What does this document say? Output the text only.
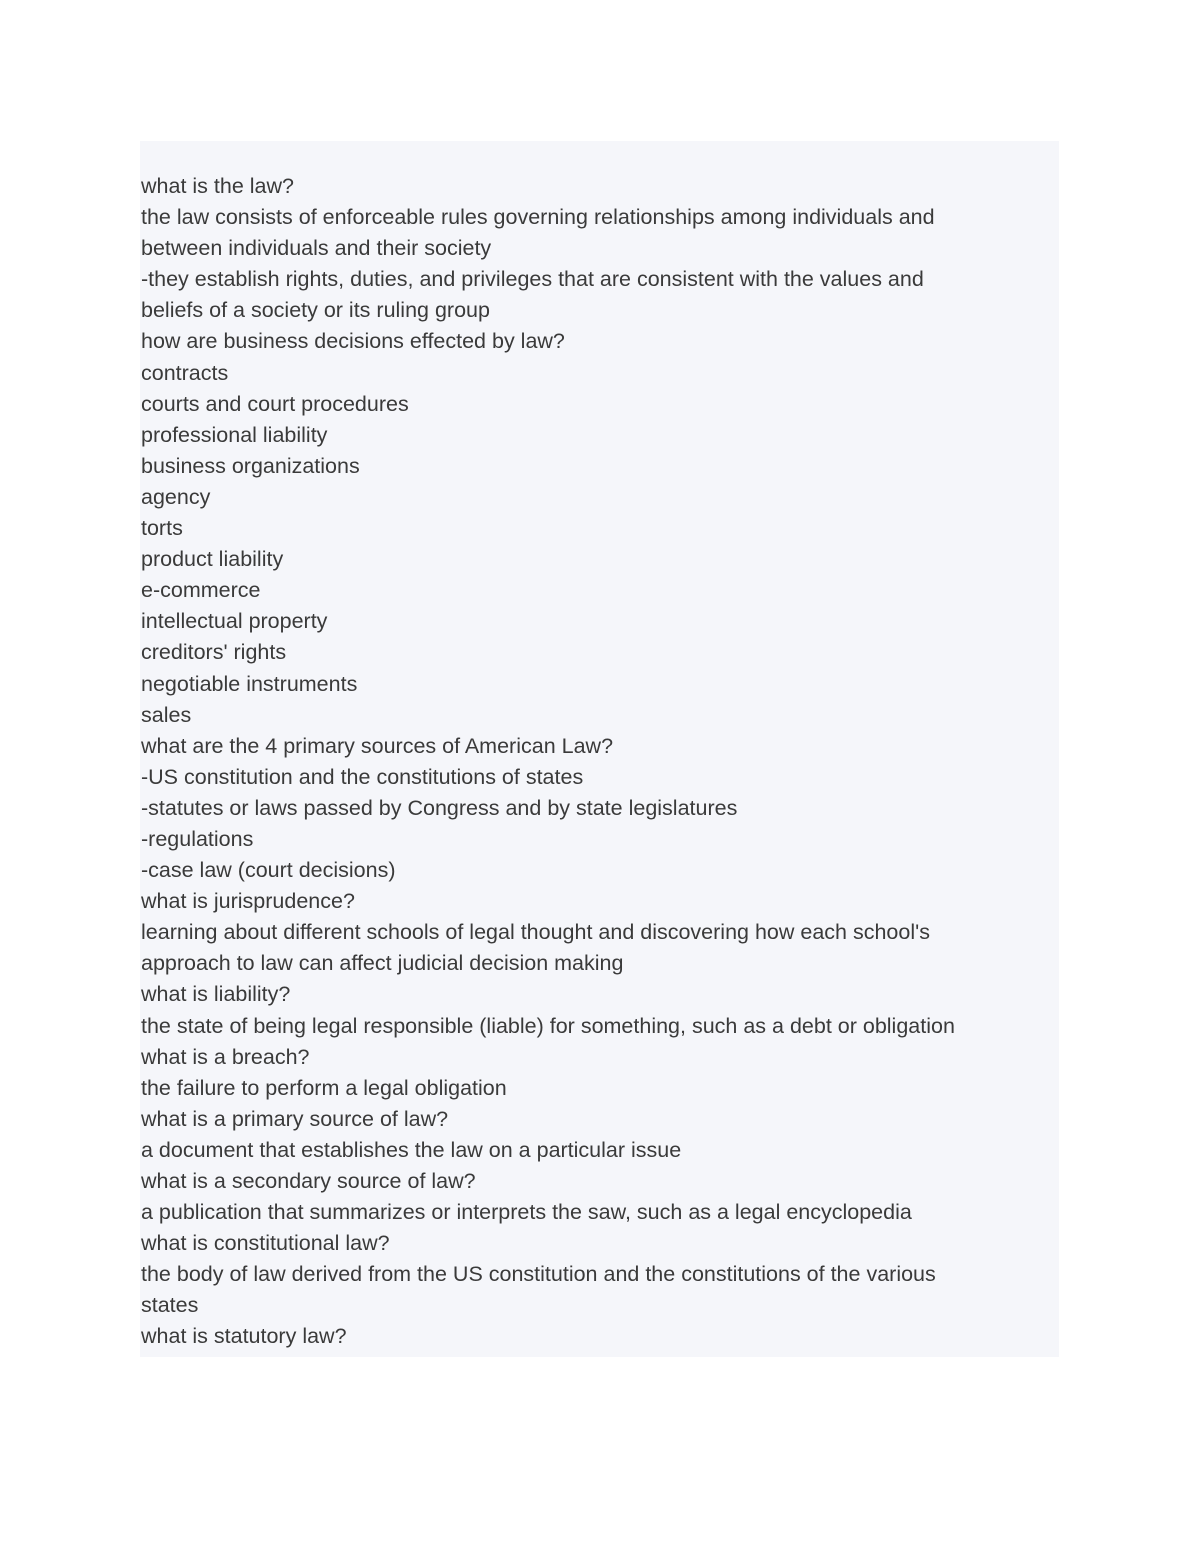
what is the law?

the law consists of enforceable rules governing relationships among individuals and

between individuals and their society

-they establish rights, duties, and privileges that are consistent with the values and

beliefs of a society or its ruling group

how are business decisions effected by law?

contracts

courts and court procedures

professional liability

business organizations

agency

torts

product liability

e-commerce

intellectual property

creditors' rights

negotiable instruments

sales

what are the 4 primary sources of American Law?

-US constitution and the constitutions of states

-statutes or laws passed by Congress and by state legislatures

-regulations

-case law (court decisions)

what is jurisprudence?

learning about different schools of legal thought and discovering how each school's

approach to law can affect judicial decision making

what is liability?

the state of being legal responsible (liable) for something, such as a debt or obligation

what is a breach?

the failure to perform a legal obligation

what is a primary source of law?

a document that establishes the law on a particular issue

what is a secondary source of law?

a publication that summarizes or interprets the saw, such as a legal encyclopedia

what is constitutional law?

the body of law derived from the US constitution and the constitutions of the various

states

what is statutory law?
